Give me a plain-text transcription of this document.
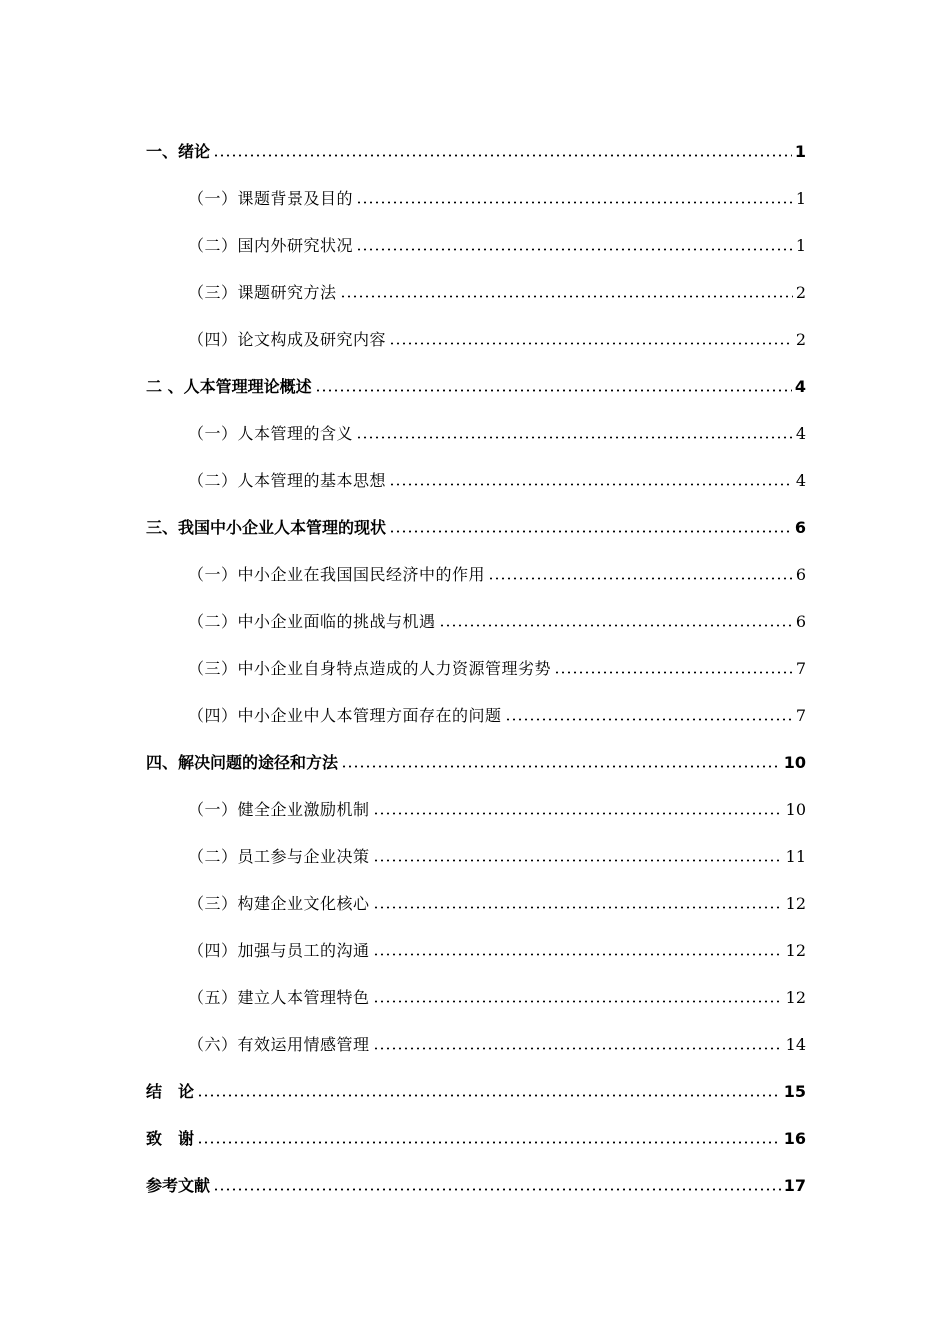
一、绪论	1
（一）课题背景及目的	1
（二）国内外研究状况	1
（三）课题研究方法	2
（四）论文构成及研究内容	2
二 、人本管理理论概述	4
（一）人本管理的含义	4
（二）人本管理的基本思想	4
三、我国中小企业人本管理的现状	6
（一）中小企业在我国国民经济中的作用	6
（二）中小企业面临的挑战与机遇	6
（三）中小企业自身特点造成的人力资源管理劣势	7
（四）中小企业中人本管理方面存在的问题	7
四、解决问题的途径和方法	10
（一）健全企业激励机制	10
（二）员工参与企业决策	11
（三）构建企业文化核心	12
（四）加强与员工的沟通	12
（五）建立人本管理特色	12
（六）有效运用情感管理	14
结　论	15
致　谢	16
参考文献	17
